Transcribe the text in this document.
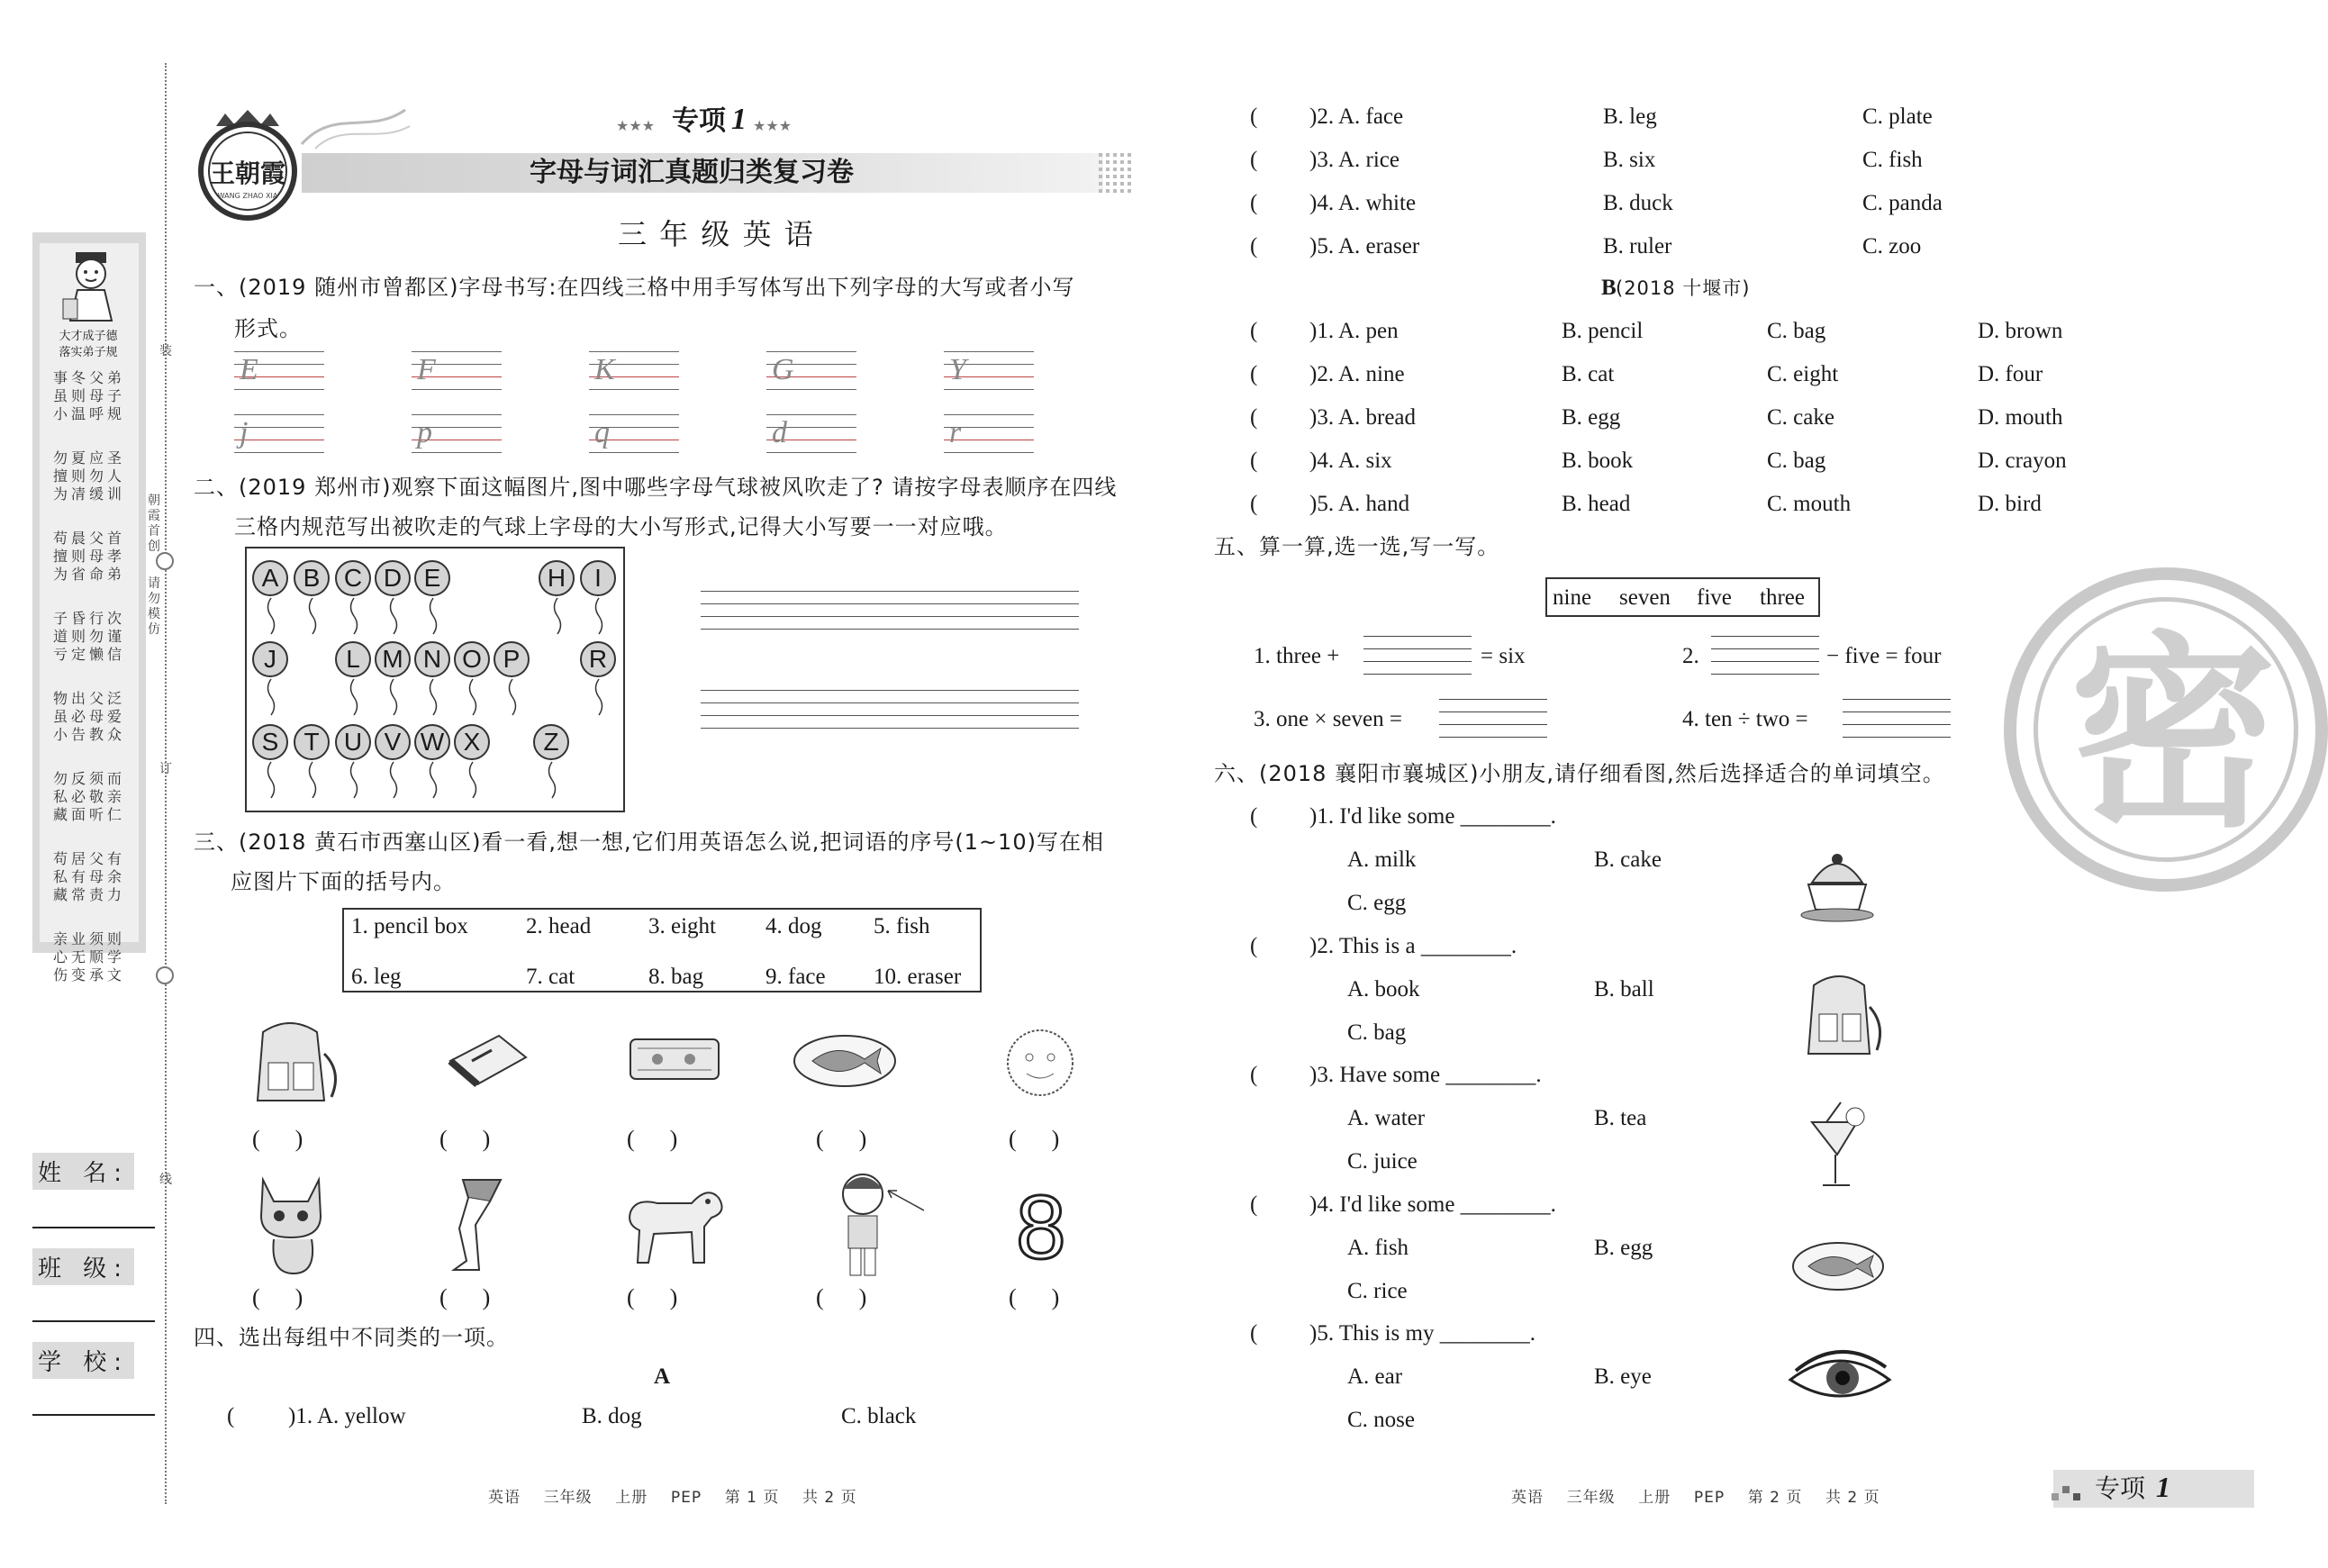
大才成子德
落实弟子规
事 冬 父 弟
虽 则 母 子
小 温 呼 规
勿 夏 应 圣
擅 则 勿 人
为 凊 缓 训
苟 晨 父 首
擅 则 母 孝
为 省 命 弟
子 昏 行 次
道 则 勿 谨
亏 定 懒 信
物 出 父 泛
虽 必 母 爱
小 告 教 众
勿 反 须 而
私 必 敬 亲
藏 面 听 仁
苟 居 父 有
私 有 母 余
藏 常 责 力
亲 业 须 则
心 无 顺 学
伤 变 承 文
装
朝霞首创
请勿模仿
订
线
姓 名:
班 级:
学 校:
王朝霞
WANG ZHAO XIA
★★★ 专项 1 ★★★
字母与词汇真题归类复习卷
三 年 级 英 语
一、(2019 随州市曾都区)字母书写:在四线三格中用手写体写出下列字母的大写或者小写
形式。
E	F	K	G	Y
j	p	q	d	r
二、(2019 郑州市)观察下面这幅图片,图中哪些字母气球被风吹走了? 请按字母表顺序在四线
三格内规范写出被吹走的气球上字母的大小写形式,记得大小写要一一对应哦。
A B C D E	H	I
J	L M N O P	R
S	T U V W X	Z
三、(2018 黄石市西塞山区)看一看,想一想,它们用英语怎么说,把词语的序号(1~10)写在相
应图片下面的括号内。
1. pencil box	2. head	3. eight 4. dog 5. fish
6. leg	7. cat	8. bag	9. face 10. eraser
(      )	(      )	(      )	(      )	(      )
8
(      )	(      )	(      )	(      )	(      )
四、选出每组中不同类的一项。
A
( )1. A. yellow	B. dog	C. black
( )2. A. face	B. leg	C. plate
( )3. A. rice	B. six	C. fish
( )4. A. white	B. duck	C. panda
( )5. A. eraser	B. ruler	C. zoo
B (2018 十堰市)
( )1. A. pen	B. pencil	C. bag	D. brown
( )2. A. nine	B. cat	C. eight	D. four
( )3. A. bread	B. egg	C. cake	D. mouth
( )4. A. six	B. book	C. bag	D. crayon
( )5. A. hand	B. head	C. mouth	D. bird
五、算一算,选一选,写一写。
nine seven five three
1. three +	= six	2.	− five = four
3. one × seven =	4. ten ÷ two =
六、(2018 襄阳市襄城区)小朋友,请仔细看图,然后选择适合的单词填空。
( )1. I'd like some ________.
A. milk	B. cake
C. egg
( )2. This is a ________.
A. book	B. ball
C. bag
( )3. Have some ________.
A. water	B. tea
C. juice
( )4. I'd like some ________.
A. fish	B. egg
C. rice
( )5. This is my ________.
A. ear	B. eye
C. nose
密
英语    三年级    上册    PEP    第 1 页    共 2 页	英语    三年级    上册    PEP    第 2 页    共 2 页	专项 1
